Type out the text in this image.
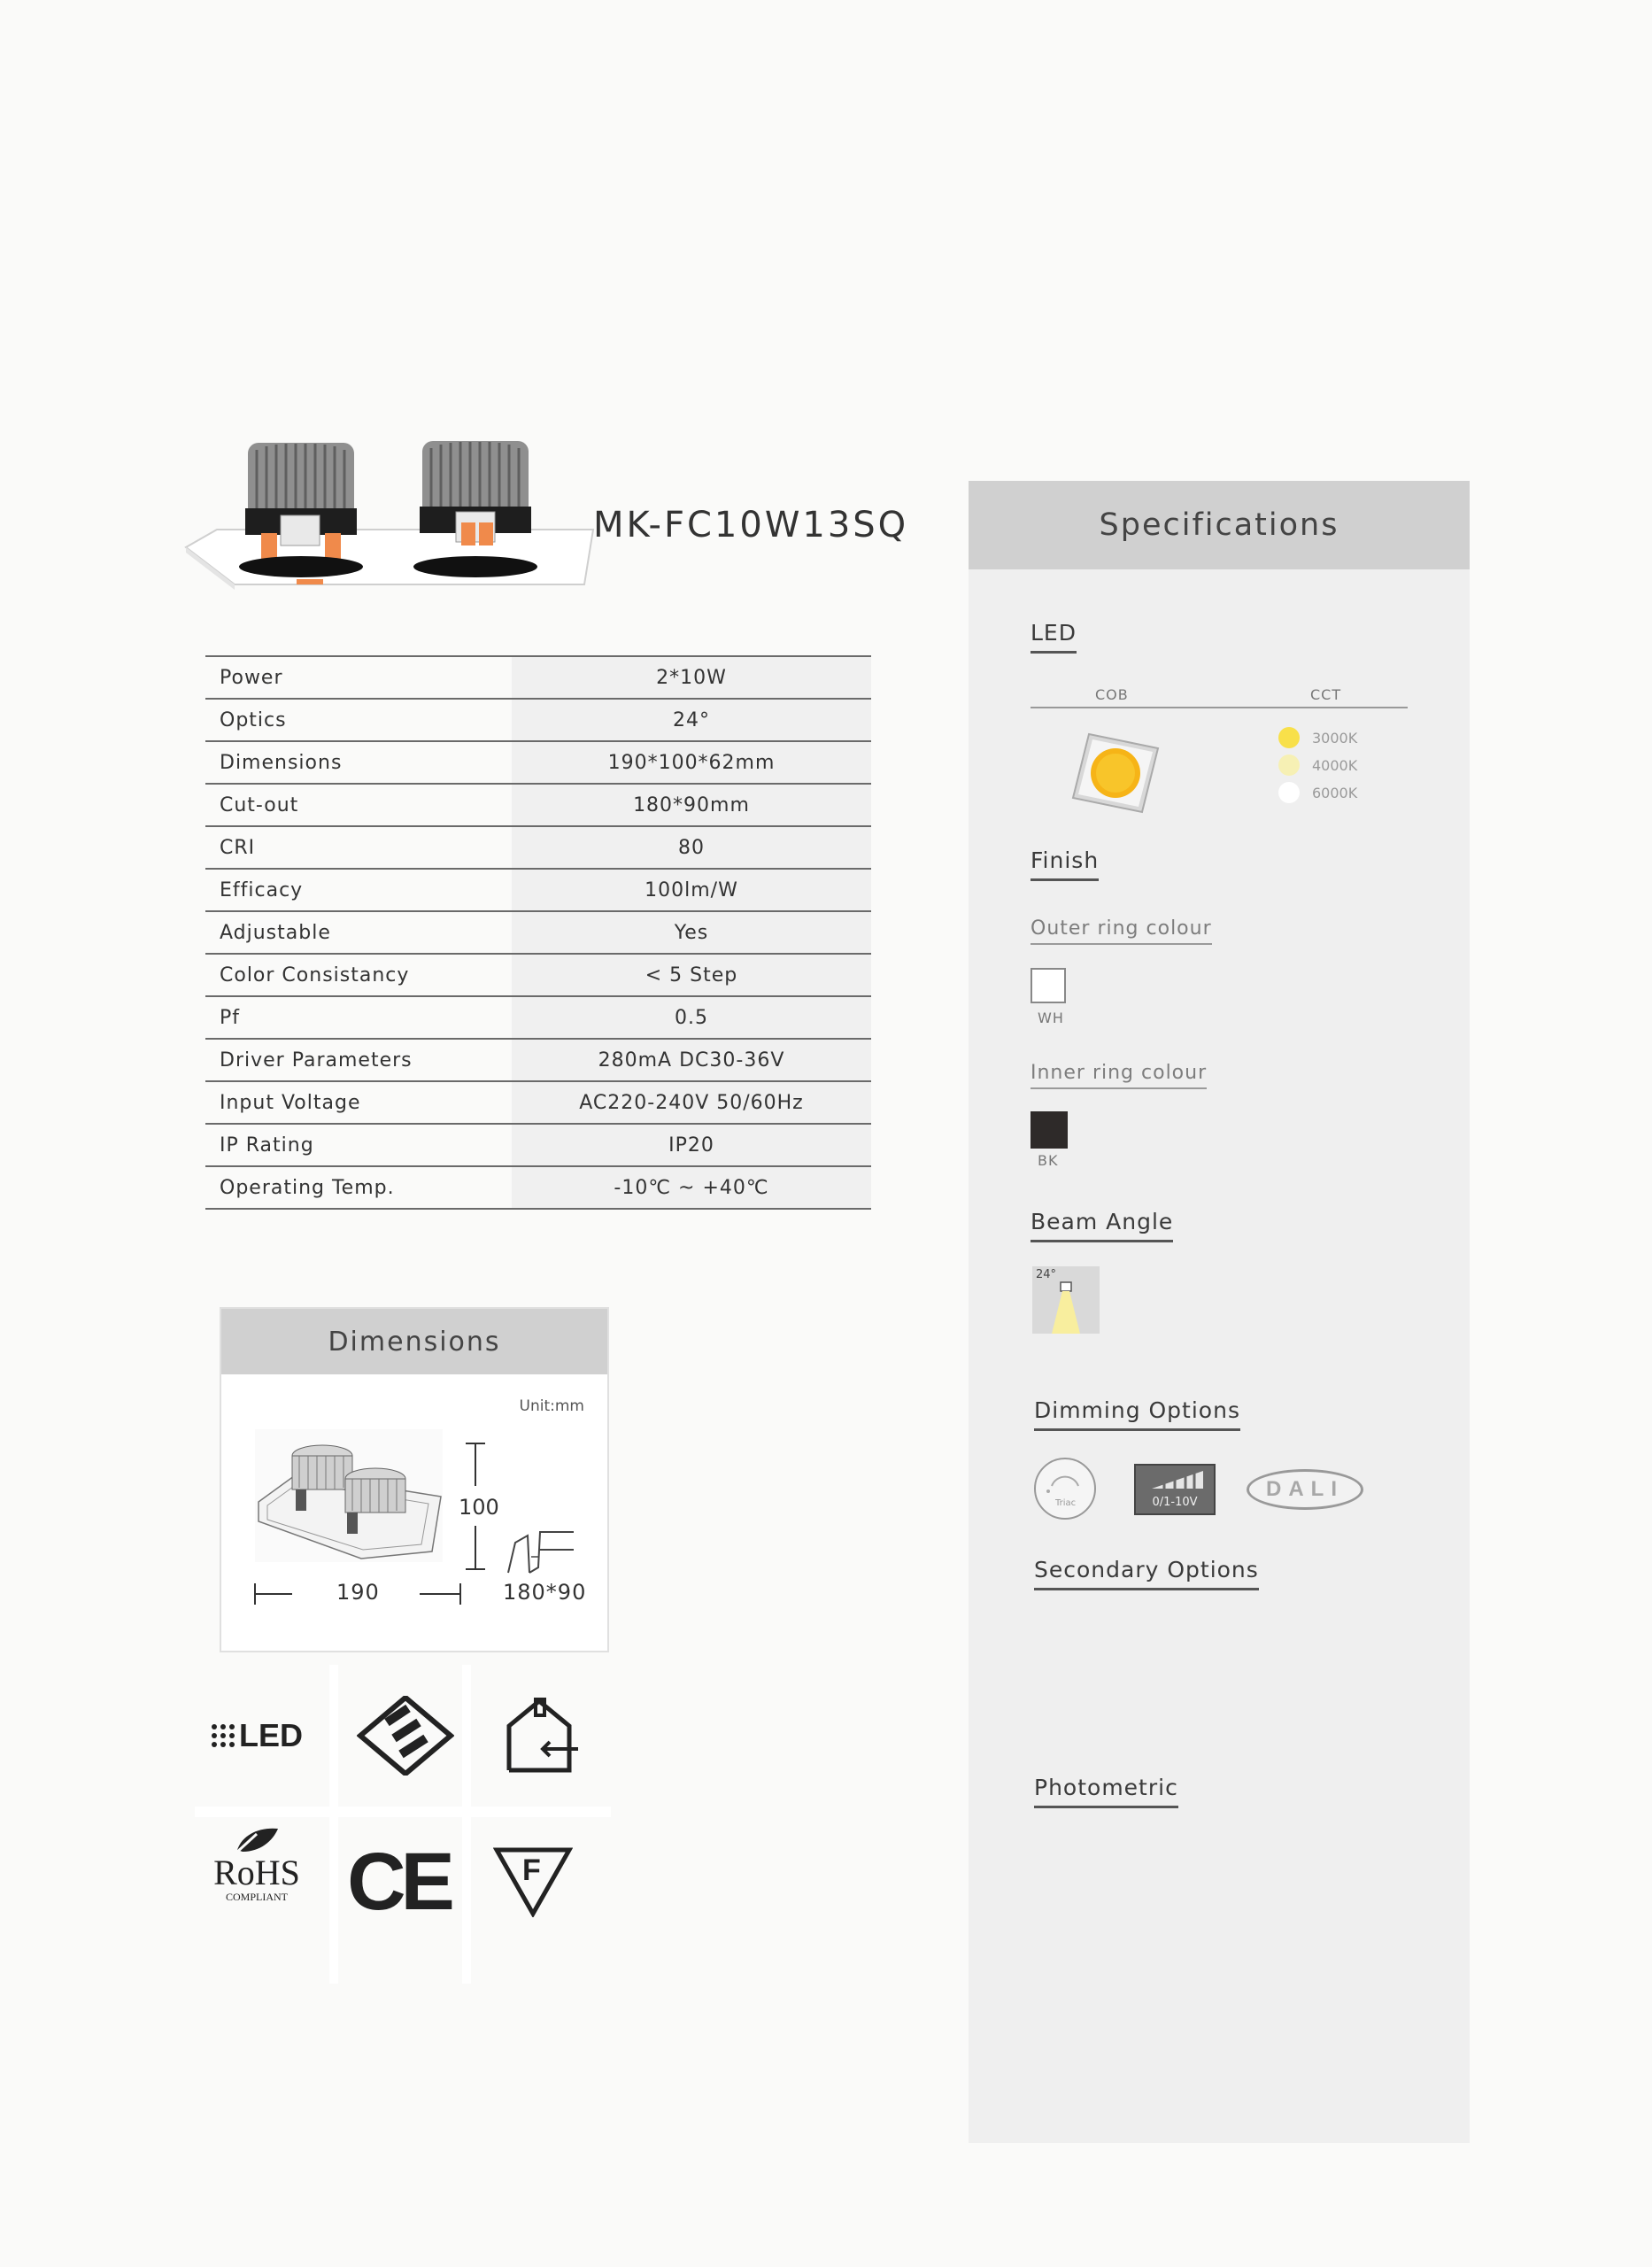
MK-FC10W13SQ
Power	2*10W
Optics	24°
Dimensions	190*100*62mm
Cut-out	180*90mm
CRI	80
Efficacy	100lm/W
Adjustable	Yes
Color Consistancy	< 5 Step
Pf	0.5
Driver Parameters	280mA DC30-36V
Input Voltage	AC220-240V 50/60Hz
IP Rating	IP20
Operating Temp.	-10℃ ~ +40℃
Dimensions
Unit:mm
100
190	180*90
LED
RoHS
COMPLIANT CE F
Specifications
LED
COB	CCT
3000K
4000K
6000K
Finish
Outer ring colour
WH
Inner ring colour
BK
Beam Angle
24°
Dimming Options
Triac	0/1-10V
DALI
Secondary Options
Photometric
